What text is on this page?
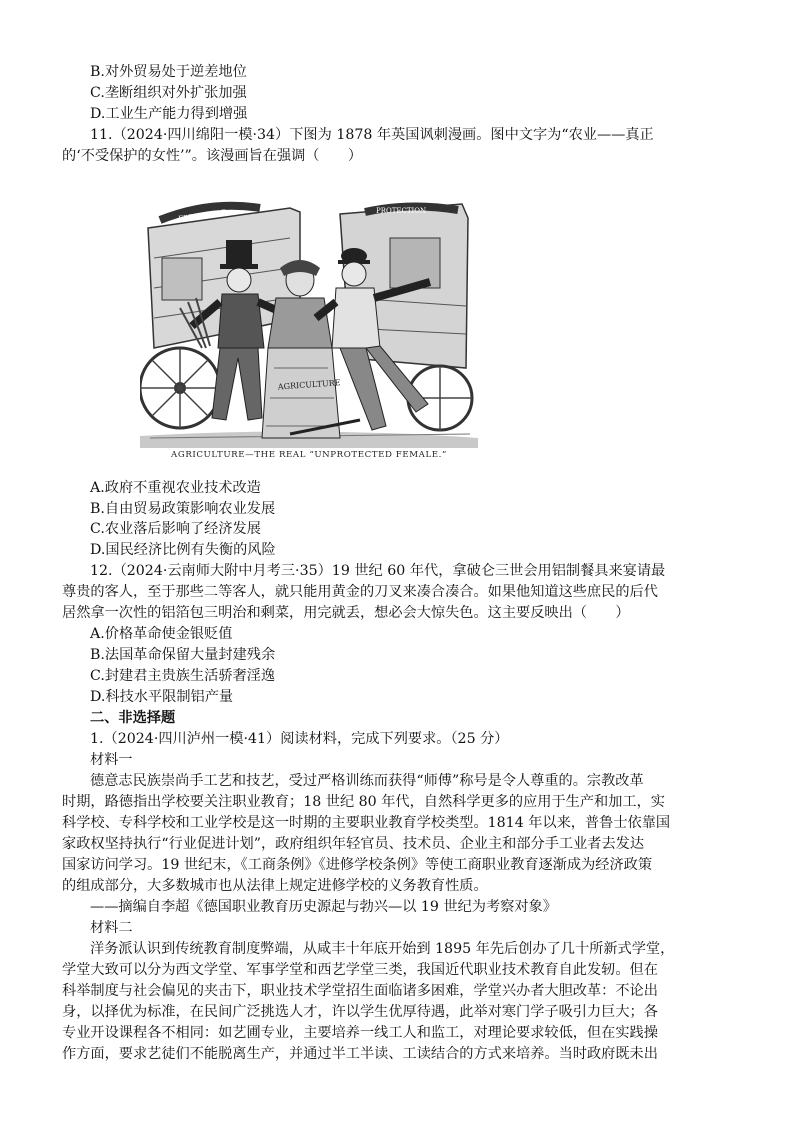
B.对外贸易处于逆差地位
C.垄断组织对外扩张加强
D.工业生产能力得到增强
11.（2024·四川绵阳一模·34）下图为 1878 年英国讽刺漫画。图中文字为“农业——真正
的‘不受保护的女性’”。该漫画旨在强调（　　）
FREE TRADE	PROTECTION
AGRICULTURE
AGRICULTURE—THE REAL “UNPROTECTED FEMALE.”
A.政府不重视农业技术改造
B.自由贸易政策影响农业发展
C.农业落后影响了经济发展
D.国民经济比例有失衡的风险
12.（2024·云南师大附中月考三·35）19 世纪 60 年代，拿破仑三世会用铝制餐具来宴请最
尊贵的客人，至于那些二等客人，就只能用黄金的刀叉来凑合凑合。如果他知道这些庶民的后代
居然拿一次性的铝箔包三明治和剩菜，用完就丢，想必会大惊失色。这主要反映出（　　）
A.价格革命使金银贬值
B.法国革命保留大量封建残余
C.封建君主贵族生活骄奢淫逸
D.科技水平限制铝产量
二、非选择题
1.（2024·四川泸州一模·41）阅读材料，完成下列要求。（25 分）
材料一
德意志民族崇尚手工艺和技艺，受过严格训练而获得“师傅”称号是令人尊重的。宗教改革
时期，路德指出学校要关注职业教育；18 世纪 80 年代，自然科学更多的应用于生产和加工，实
科学校、专科学校和工业学校是这一时期的主要职业教育学校类型。1814 年以来，普鲁士依靠国
家政权坚持执行“行业促进计划”，政府组织年轻官员、技术员、企业主和部分手工业者去发达
国家访问学习。19 世纪末，《工商条例》《进修学校条例》等使工商职业教育逐渐成为经济政策
的组成部分，大多数城市也从法律上规定进修学校的义务教育性质。
——摘编自李超《德国职业教育历史源起与勃兴—以 19 世纪为考察对象》
材料二
洋务派认识到传统教育制度弊端，从咸丰十年底开始到 1895 年先后创办了几十所新式学堂，
学堂大致可以分为西文学堂、军事学堂和西艺学堂三类，我国近代职业技术教育自此发轫。但在
科举制度与社会偏见的夹击下，职业技术学堂招生面临诸多困难，学堂兴办者大胆改革：不论出
身，以择优为标准，在民间广泛挑选人才，许以学生优厚待遇，此举对寒门学子吸引力巨大；各
专业开设课程各不相同：如艺圃专业，主要培养一线工人和监工，对理论要求较低，但在实践操
作方面，要求艺徒们不能脱离生产，并通过半工半读、工读结合的方式来培养。当时政府既未出
